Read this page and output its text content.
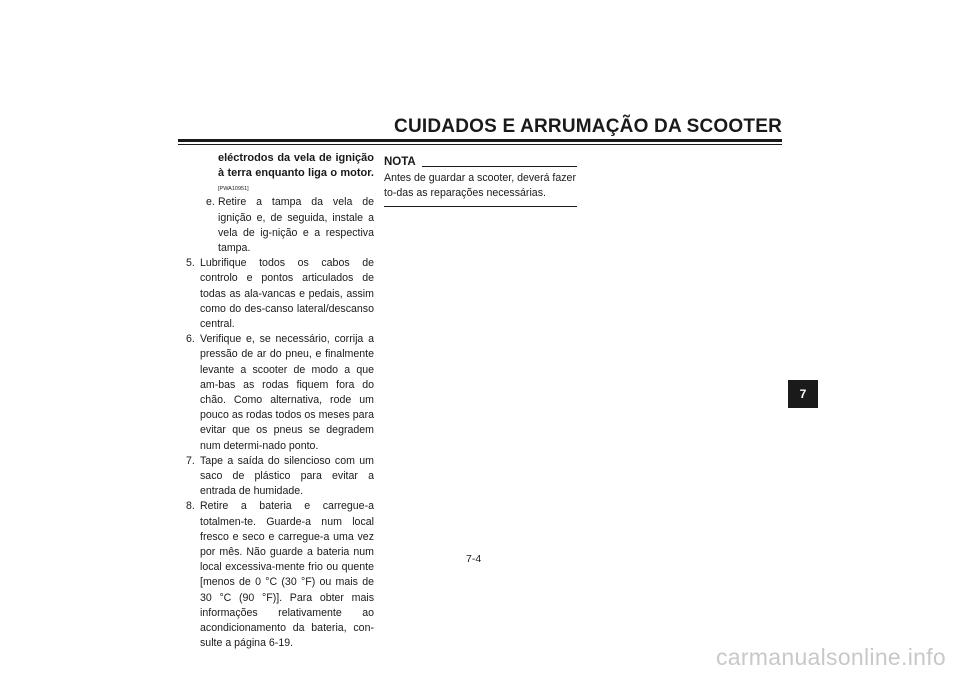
CUIDADOS E ARRUMAÇÃO DA SCOOTER
eléctrodos da vela de ignição à terra enquanto liga o motor.
[PWA10951]
e. Retire a tampa da vela de ignição e, de seguida, instale a vela de ig-nição e a respectiva tampa.
5. Lubrifique todos os cabos de controlo e pontos articulados de todas as ala-vancas e pedais, assim como do des-canso lateral/descanso central.
6. Verifique e, se necessário, corrija a pressão de ar do pneu, e finalmente levante a scooter de modo a que am-bas as rodas fiquem fora do chão. Como alternativa, rode um pouco as rodas todos os meses para evitar que os pneus se degradem num determi-nado ponto.
7. Tape a saída do silencioso com um saco de plástico para evitar a entrada de humidade.
8. Retire a bateria e carregue-a totalmen-te. Guarde-a num local fresco e seco e carregue-a uma vez por mês. Não guarde a bateria num local excessiva-mente frio ou quente [menos de 0 °C (30 °F) ou mais de 30 °C (90 °F)]. Para obter mais informações relativamente ao acondicionamento da bateria, con-sulte a página 6-19.
NOTA
Antes de guardar a scooter, deverá fazer to-das as reparações necessárias.
7
7-4
carmanualsonline.info
